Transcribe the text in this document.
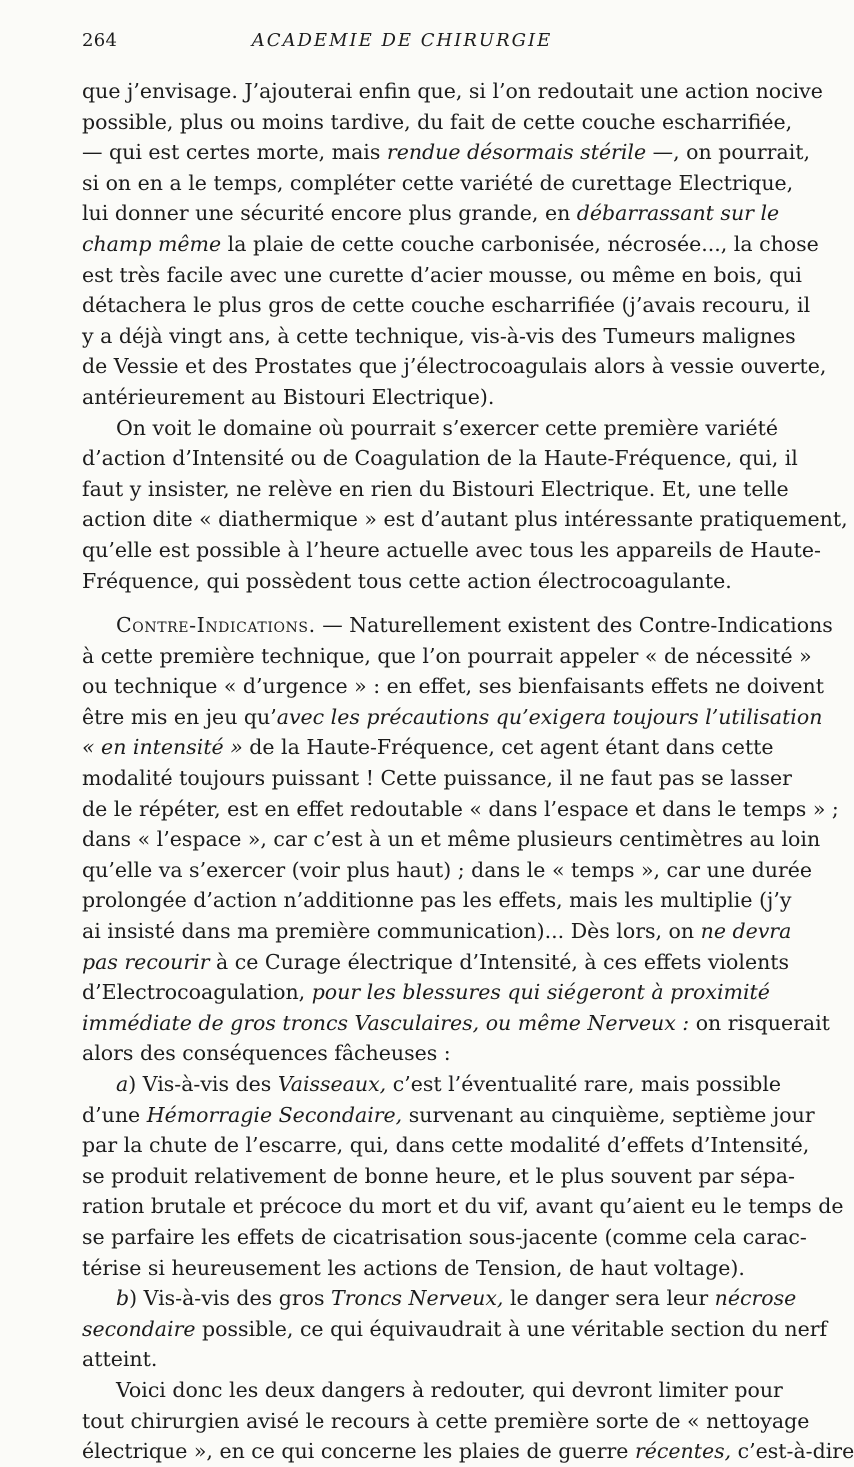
264	ACADEMIE DE CHIRURGIE
que j’envisage. J’ajouterai enfin que, si l’on redoutait une action nocive
possible, plus ou moins tardive, du fait de cette couche escharrifiée,
— qui est certes morte, mais rendue désormais stérile —, on pourrait,
si on en a le temps, compléter cette variété de curettage Electrique,
lui donner une sécurité encore plus grande, en débarrassant sur le
champ même la plaie de cette couche carbonisée, nécrosée..., la chose
est très facile avec une curette d’acier mousse, ou même en bois, qui
détachera le plus gros de cette couche escharrifiée (j’avais recouru, il
y a déjà vingt ans, à cette technique, vis-à-vis des Tumeurs malignes
de Vessie et des Prostates que j’électrocoagulais alors à vessie ouverte,
antérieurement au Bistouri Electrique).
On voit le domaine où pourrait s’exercer cette première variété
d’action d’Intensité ou de Coagulation de la Haute-Fréquence, qui, il
faut y insister, ne relève en rien du Bistouri Electrique. Et, une telle
action dite « diathermique » est d’autant plus intéressante pratiquement,
qu’elle est possible à l’heure actuelle avec tous les appareils de Haute-
Fréquence, qui possèdent tous cette action électrocoagulante.
Contre-Indications. — Naturellement existent des Contre-Indications
à cette première technique, que l’on pourrait appeler « de nécessité »
ou technique « d’urgence » : en effet, ses bienfaisants effets ne doivent
être mis en jeu qu’avec les précautions qu’exigera toujours l’utilisation
« en intensité » de la Haute-Fréquence, cet agent étant dans cette
modalité toujours puissant ! Cette puissance, il ne faut pas se lasser
de le répéter, est en effet redoutable « dans l’espace et dans le temps » ;
dans « l’espace », car c’est à un et même plusieurs centimètres au loin
qu’elle va s’exercer (voir plus haut) ; dans le « temps », car une durée
prolongée d’action n’additionne pas les effets, mais les multiplie (j’y
ai insisté dans ma première communication)... Dès lors, on ne devra
pas recourir à ce Curage électrique d’Intensité, à ces effets violents
d’Electrocoagulation, pour les blessures qui siégeront à proximité
immédiate de gros troncs Vasculaires, ou même Nerveux : on risquerait
alors des conséquences fâcheuses :
a) Vis-à-vis des Vaisseaux, c’est l’éventualité rare, mais possible
d’une Hémorragie Secondaire, survenant au cinquième, septième jour
par la chute de l’escarre, qui, dans cette modalité d’effets d’Intensité,
se produit relativement de bonne heure, et le plus souvent par sépa-
ration brutale et précoce du mort et du vif, avant qu’aient eu le temps de
se parfaire les effets de cicatrisation sous-jacente (comme cela carac-
térise si heureusement les actions de Tension, de haut voltage).
b) Vis-à-vis des gros Troncs Nerveux, le danger sera leur nécrose
secondaire possible, ce qui équivaudrait à une véritable section du nerf
atteint.
Voici donc les deux dangers à redouter, qui devront limiter pour
tout chirurgien avisé le recours à cette première sorte de « nettoyage
électrique », en ce qui concerne les plaies de guerre récentes, c’est-à-dire
